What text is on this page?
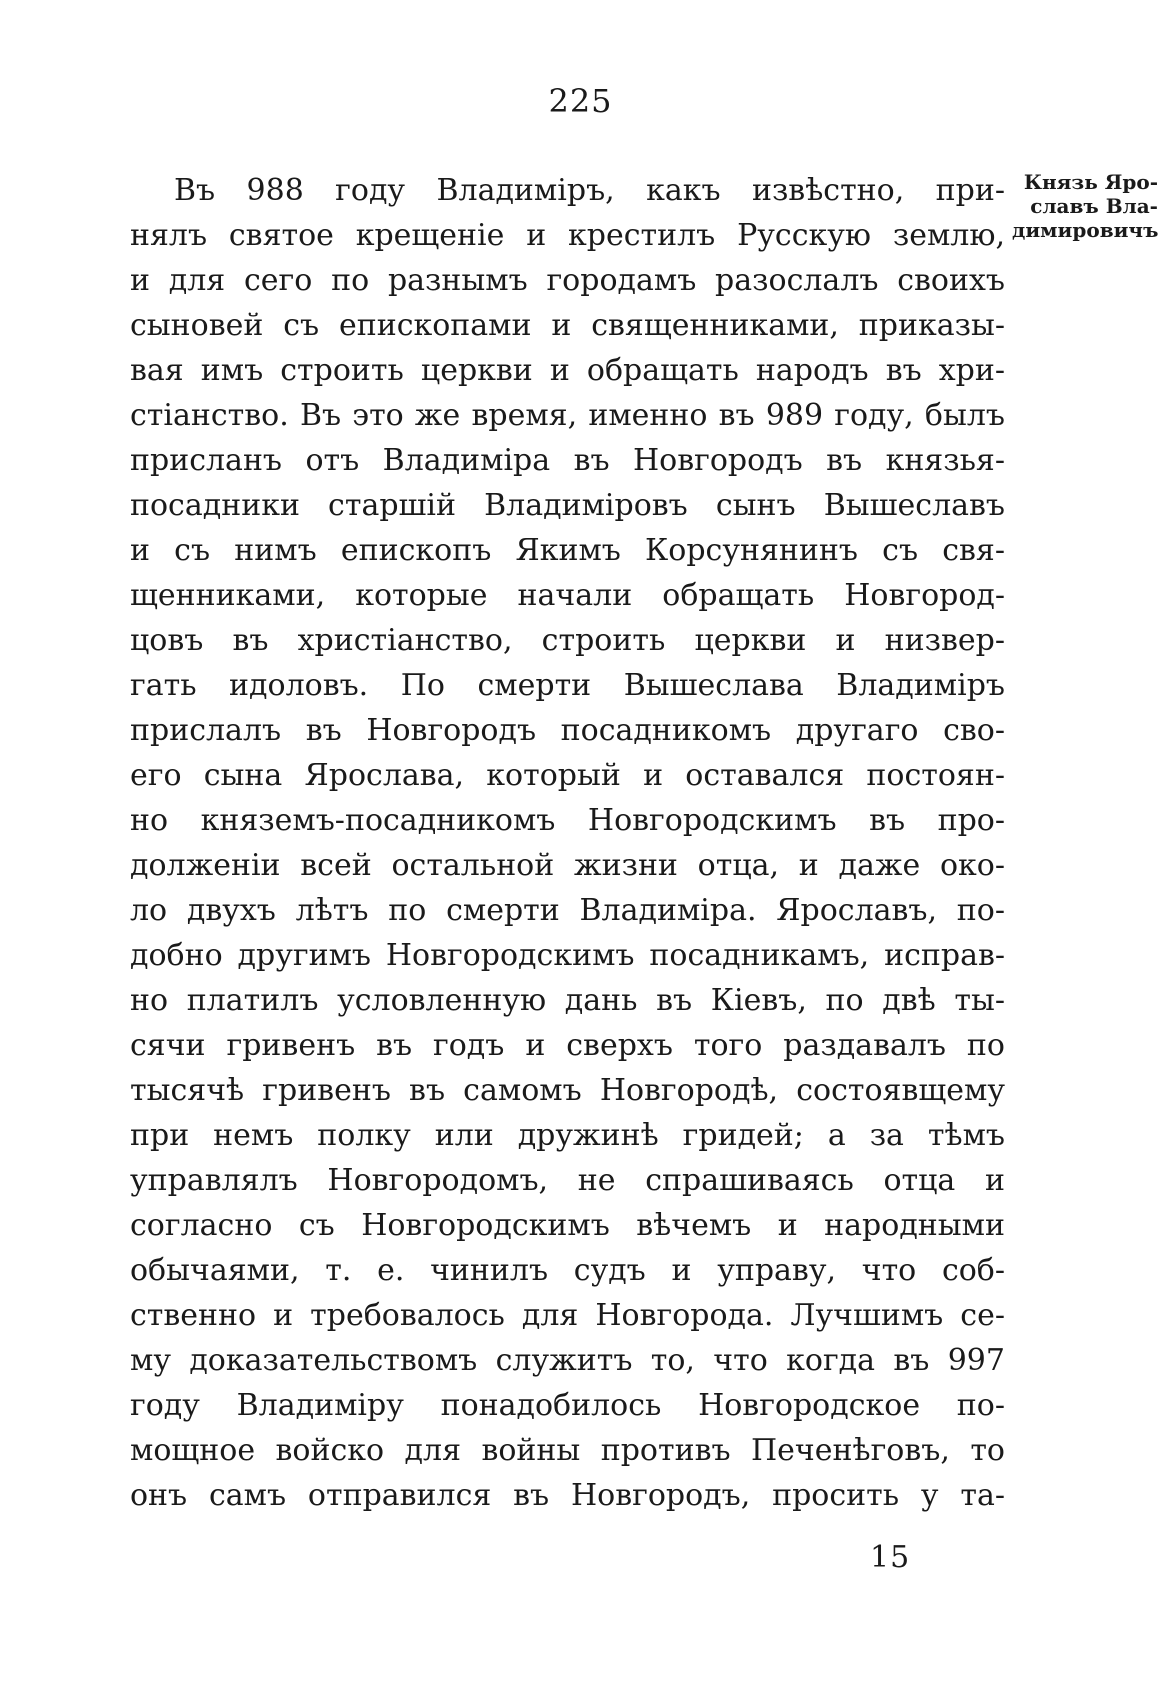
225
Князь Яро-
славъ Вла-
димировичъ
Въ 988 году Владиміръ, какъ извѣстно, при-
нялъ святое крещеніе и крестилъ Русскую землю,
и для сего по разнымъ городамъ разослалъ своихъ
сыновей съ епископами и священниками, приказы-
вая имъ строить церкви и обращать народъ въ хри-
стіанство. Въ это же время, именно въ 989 году, былъ
присланъ отъ Владиміра въ Новгородъ въ князья-
посадники старшій Владиміровъ сынъ Вышеславъ
и съ нимъ епископъ Якимъ Корсунянинъ съ свя-
щенниками, которые начали обращать Новгород-
цовъ въ христіанство, строить церкви и низвер-
гать идоловъ. По смерти Вышеслава Владиміръ
прислалъ въ Новгородъ посадникомъ другаго сво-
его сына Ярослава, который и оставался постоян-
но княземъ-посадникомъ Новгородскимъ въ про-
долженіи всей остальной жизни отца, и даже око-
ло двухъ лѣтъ по смерти Владиміра. Ярославъ, по-
добно другимъ Новгородскимъ посадникамъ, исправ-
но платилъ условленную дань въ Кіевъ, по двѣ ты-
сячи гривенъ въ годъ и сверхъ того раздавалъ по
тысячѣ гривенъ въ самомъ Новгородѣ, состоявщему
при немъ полку или дружинѣ гридей; а за тѣмъ
управлялъ Новгородомъ, не спрашиваясь отца и
согласно съ Новгородскимъ вѣчемъ и народными
обычаями, т. е. чинилъ судъ и управу, что соб-
ственно и требовалось для Новгорода. Лучшимъ се-
му доказательствомъ служитъ то, что когда въ 997
году Владиміру понадобилось Новгородское по-
мощное войско для войны противъ Печенѣговъ, то
онъ самъ отправился въ Новгородъ, просить у та-
15
